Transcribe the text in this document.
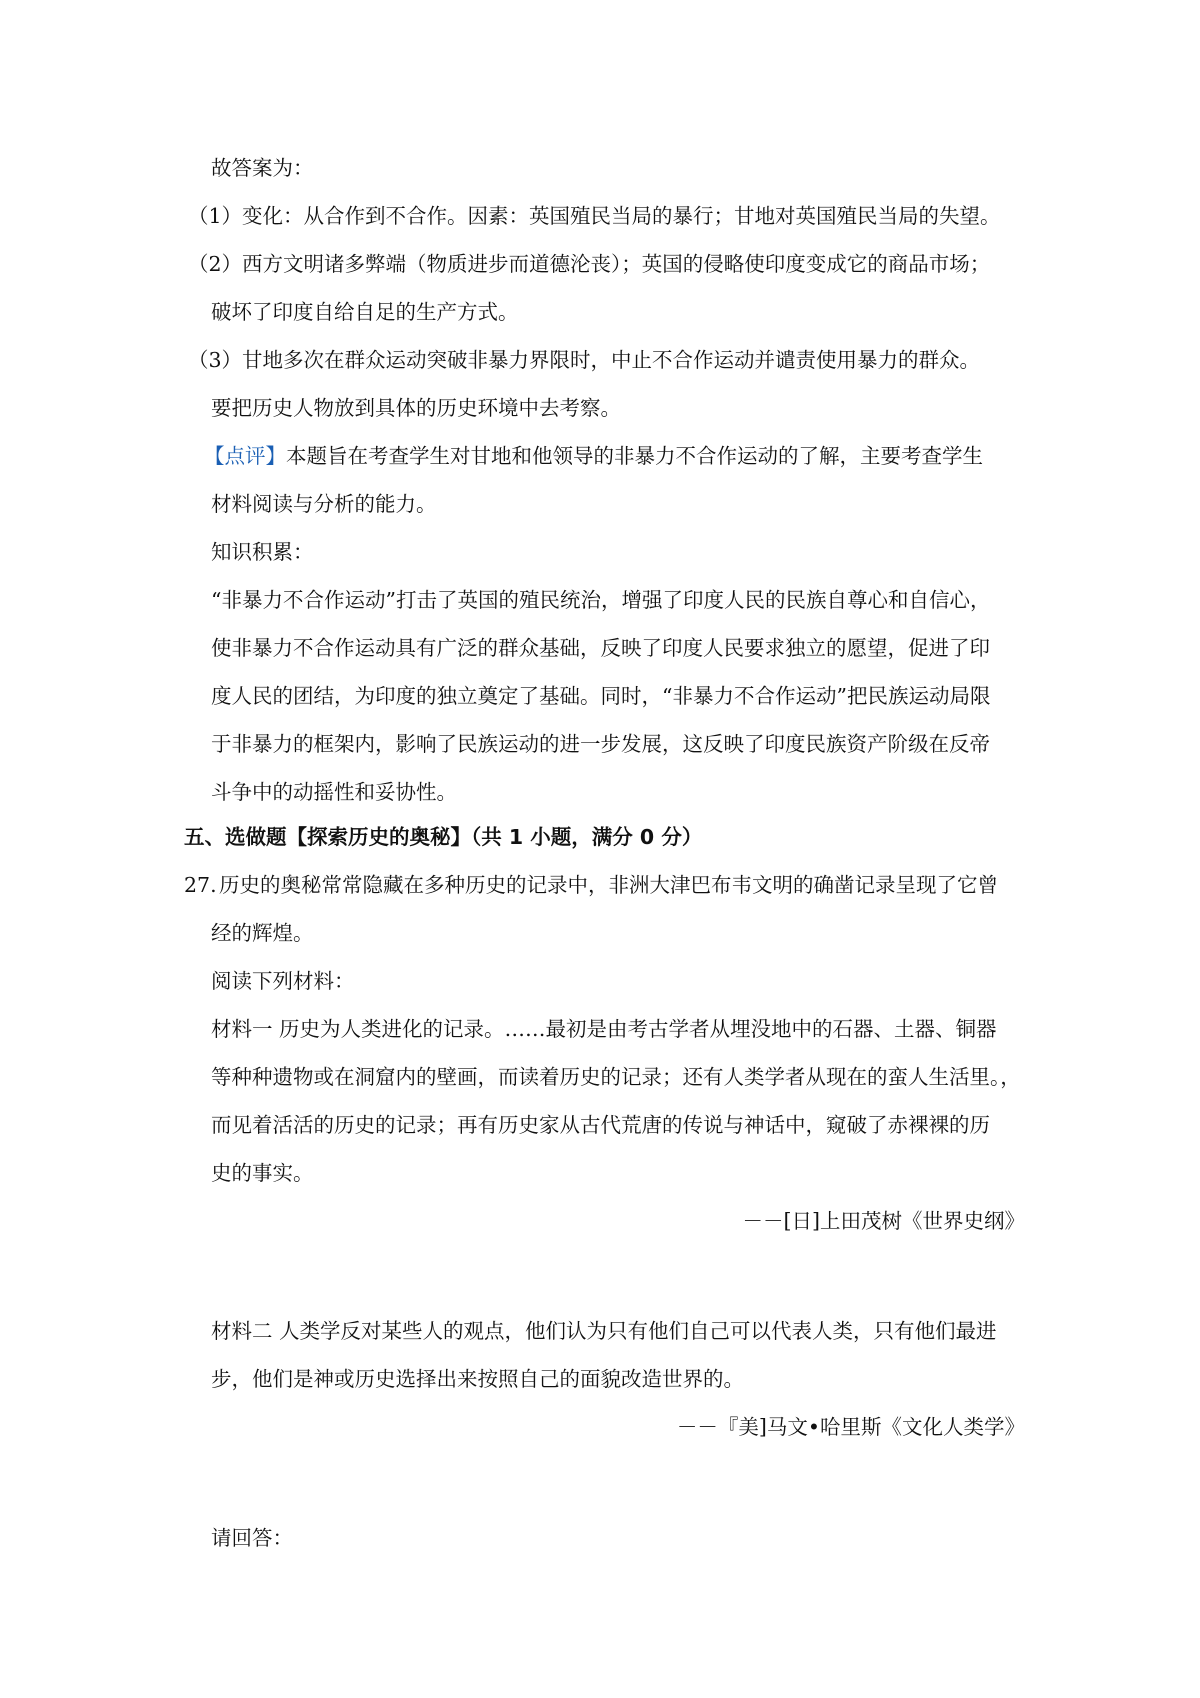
故答案为：
（1）变化：从合作到不合作。因素：英国殖民当局的暴行；甘地对英国殖民当局的失望。
（2）西方文明诸多弊端（物质进步而道德沦丧）；英国的侵略使印度变成它的商品市场；
破坏了印度自给自足的生产方式。
（3）甘地多次在群众运动突破非暴力界限时，中止不合作运动并谴责使用暴力的群众。
要把历史人物放到具体的历史环境中去考察。
【点评】本题旨在考查学生对甘地和他领导的非暴力不合作运动的了解，主要考查学生
材料阅读与分析的能力。
知识积累：
“非暴力不合作运动”打击了英国的殖民统治，增强了印度人民的民族自尊心和自信心，
使非暴力不合作运动具有广泛的群众基础，反映了印度人民要求独立的愿望，促进了印
度人民的团结，为印度的独立奠定了基础。同时，“非暴力不合作运动”把民族运动局限
于非暴力的框架内，影响了民族运动的进一步发展，这反映了印度民族资产阶级在反帝
斗争中的动摇性和妥协性。
五、选做题【探索历史的奥秘】（共 1 小题，满分 0 分）
27. 历史的奥秘常常隐藏在多种历史的记录中，非洲大津巴布韦文明的确凿记录呈现了它曾
经的辉煌。
阅读下列材料：
材料一 历史为人类进化的记录。……最初是由考古学者从埋没地中的石器、土器、铜器
等种种遗物或在洞窟内的壁画，而读着历史的记录；还有人类学者从现在的蛮人生活里。，
而见着活活的历史的记录；再有历史家从古代荒唐的传说与神话中，窥破了赤裸裸的历
史的事实。
－－[日]上田茂树《世界史纲》
材料二 人类学反对某些人的观点，他们认为只有他们自己可以代表人类，只有他们最进
步，他们是神或历史选择出来按照自己的面貌改造世界的。
－－『美]马文•哈里斯《文化人类学》
请回答：
